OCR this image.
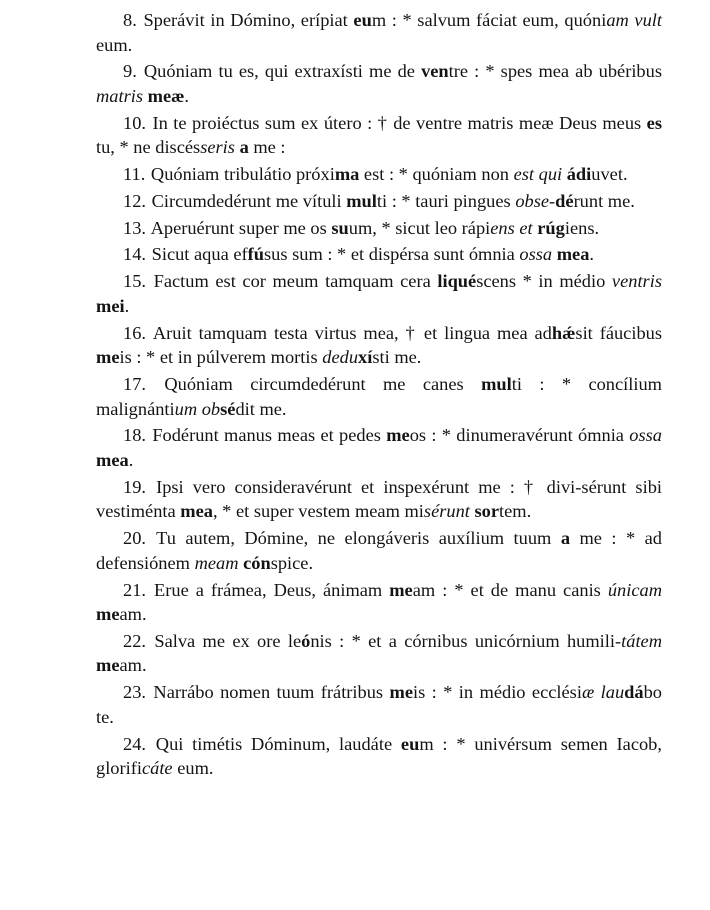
8. Sperávit in Dómino, erípiat eum : * salvum fáciat eum, quóniam vult eum.

9. Quóniam tu es, qui extraxísti me de ventre : * spes mea ab ubéribus matris meæ.

10. In te proiéctus sum ex útero : † de ventre matris meæ Deus meus es tu, * ne discésseris a me :

11. Quóniam tribulátio próxima est : * quóniam non est qui ádiuvet.

12. Circumdedérunt me vítuli multi : * tauri pingues obse-dérunt me.

13. Aperuérunt super me os suum, * sicut leo rápiens et rúgiens.

14. Sicut aqua effúsus sum : * et dispérsa sunt ómnia ossa mea.

15. Factum est cor meum tamquam cera liquéscens * in médio ventris mei.

16. Aruit tamquam testa virtus mea, † et lingua mea adhǽsit fáucibus meis : * et in púlverem mortis deduxísti me.

17. Quóniam circumdedérunt me canes multi : * concílium malignántium obsédit me.

18. Fodérunt manus meas et pedes meos : * dinumeravérunt ómnia ossa mea.

19. Ipsi vero consideravérunt et inspexérunt me : † divi-sérunt sibi vestiménta mea, * et super vestem meam misérunt sortem.

20. Tu autem, Dómine, ne elongáveris auxílium tuum a me : * ad defensiónem meam cónspice.

21. Erue a frámea, Deus, ánimam meam : * et de manu canis únicam meam.

22. Salva me ex ore leónis : * et a córnibus unicórnium humili-tátem meam.

23. Narrábo nomen tuum frátribus meis : * in médio ecclésiæ laudábo te.

24. Qui timétis Dóminum, laudáte eum : * univérsum semen Iacob, glorificáte eum.
